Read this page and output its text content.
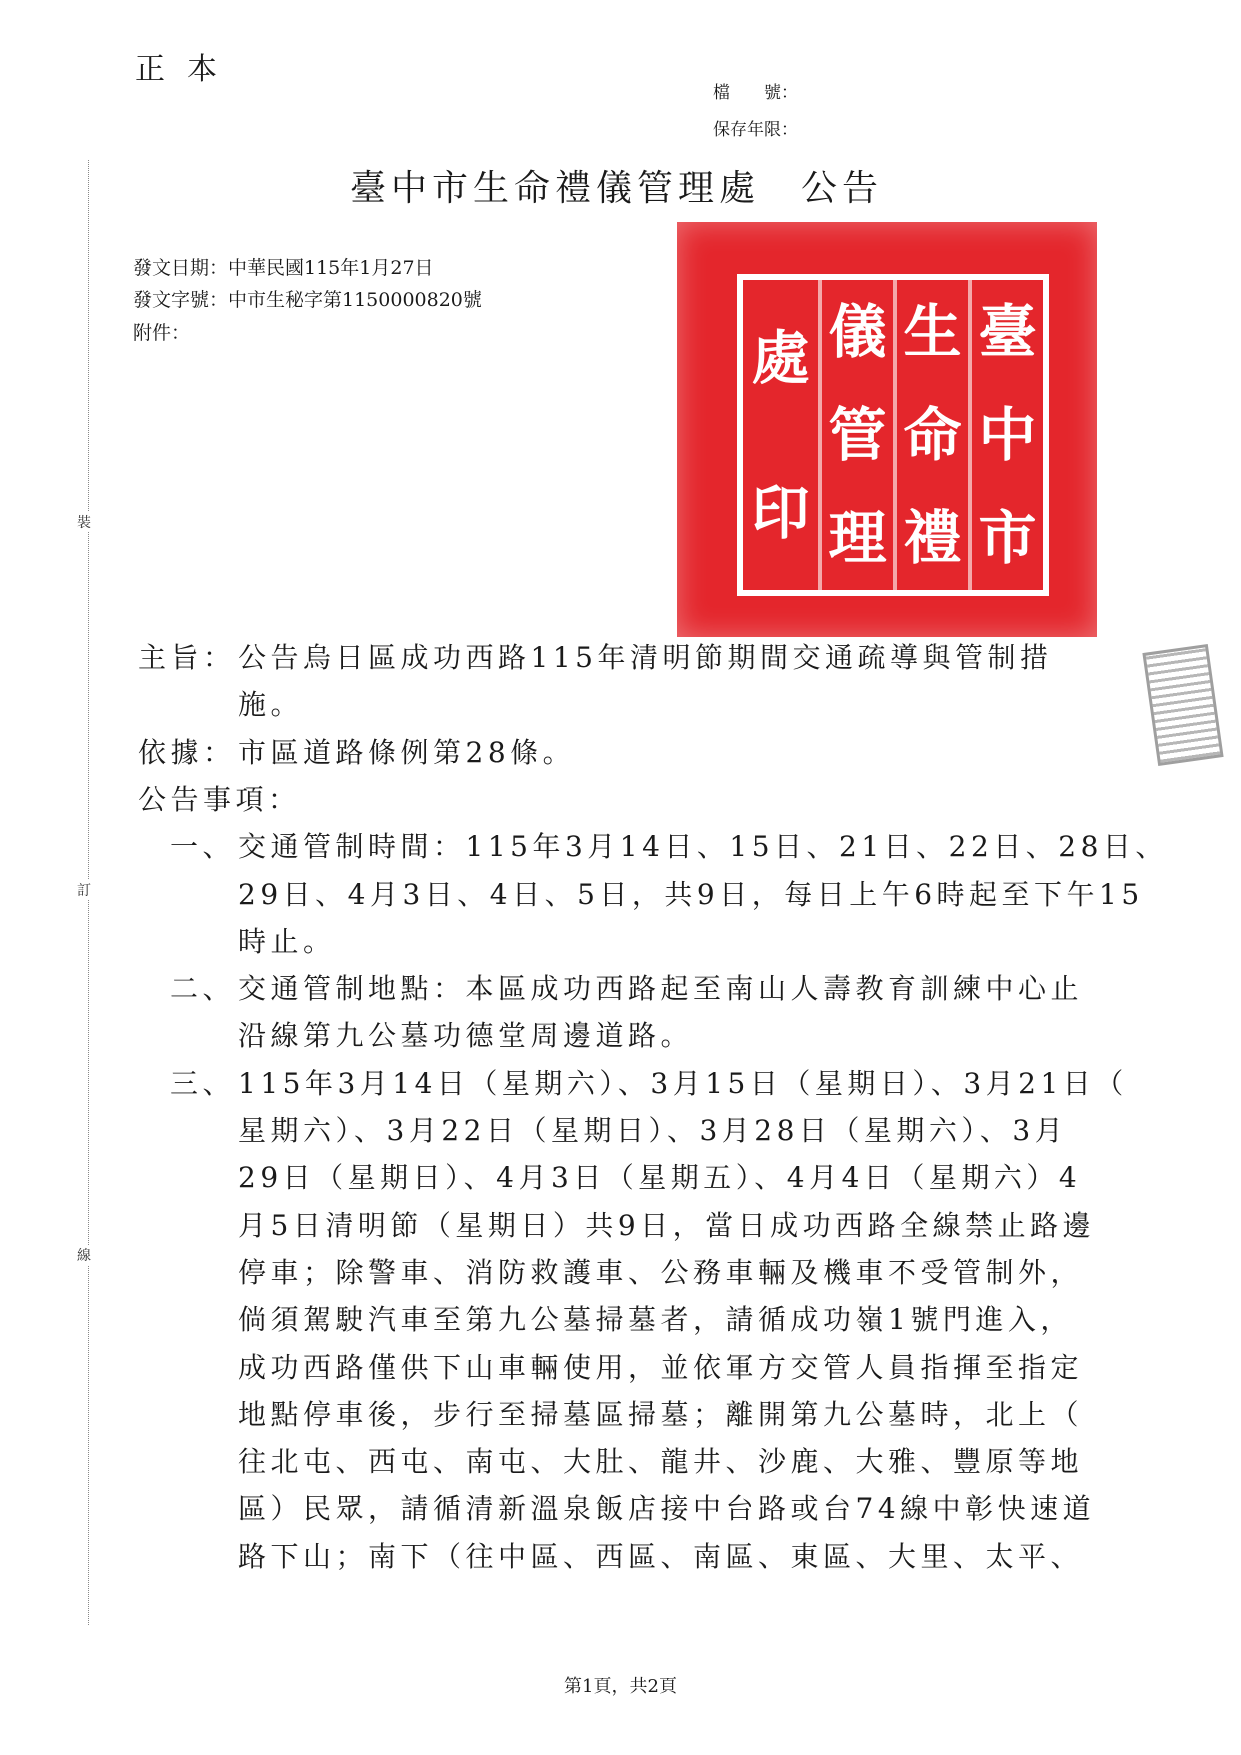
正本
檔　　號：
保存年限：
臺中市生命禮儀管理處　公告
發文日期：中華民國115年1月27日
發文字號：中市生秘字第1150000820號
附件：
裝
訂
線
臺
中
市
生
命
禮
儀
管
理
處
印
主旨： 公告烏日區成功西路115年清明節期間交通疏導與管制措
施。
依據： 市區道路條例第28條。
公告事項：
一、 交通管制時間：115年3月14日、15日、21日、22日、28日、
29日、4月3日、4日、5日，共9日，每日上午6時起至下午15
時止。
二、 交通管制地點：本區成功西路起至南山人壽教育訓練中心止
沿線第九公墓功德堂周邊道路。
三、 115年3月14日（星期六）、3月15日（星期日）、3月21日（
星期六）、3月22日（星期日）、3月28日（星期六）、3月
29日（星期日）、4月3日（星期五）、4月4日（星期六）4
月5日清明節（星期日）共9日，當日成功西路全線禁止路邊
停車；除警車、消防救護車、公務車輛及機車不受管制外，
倘須駕駛汽車至第九公墓掃墓者，請循成功嶺1號門進入，
成功西路僅供下山車輛使用，並依軍方交管人員指揮至指定
地點停車後，步行至掃墓區掃墓；離開第九公墓時，北上（
往北屯、西屯、南屯、大肚、龍井、沙鹿、大雅、豐原等地
區）民眾，請循清新溫泉飯店接中台路或台74線中彰快速道
路下山；南下（往中區、西區、南區、東區、大里、太平、
第1頁，共2頁
